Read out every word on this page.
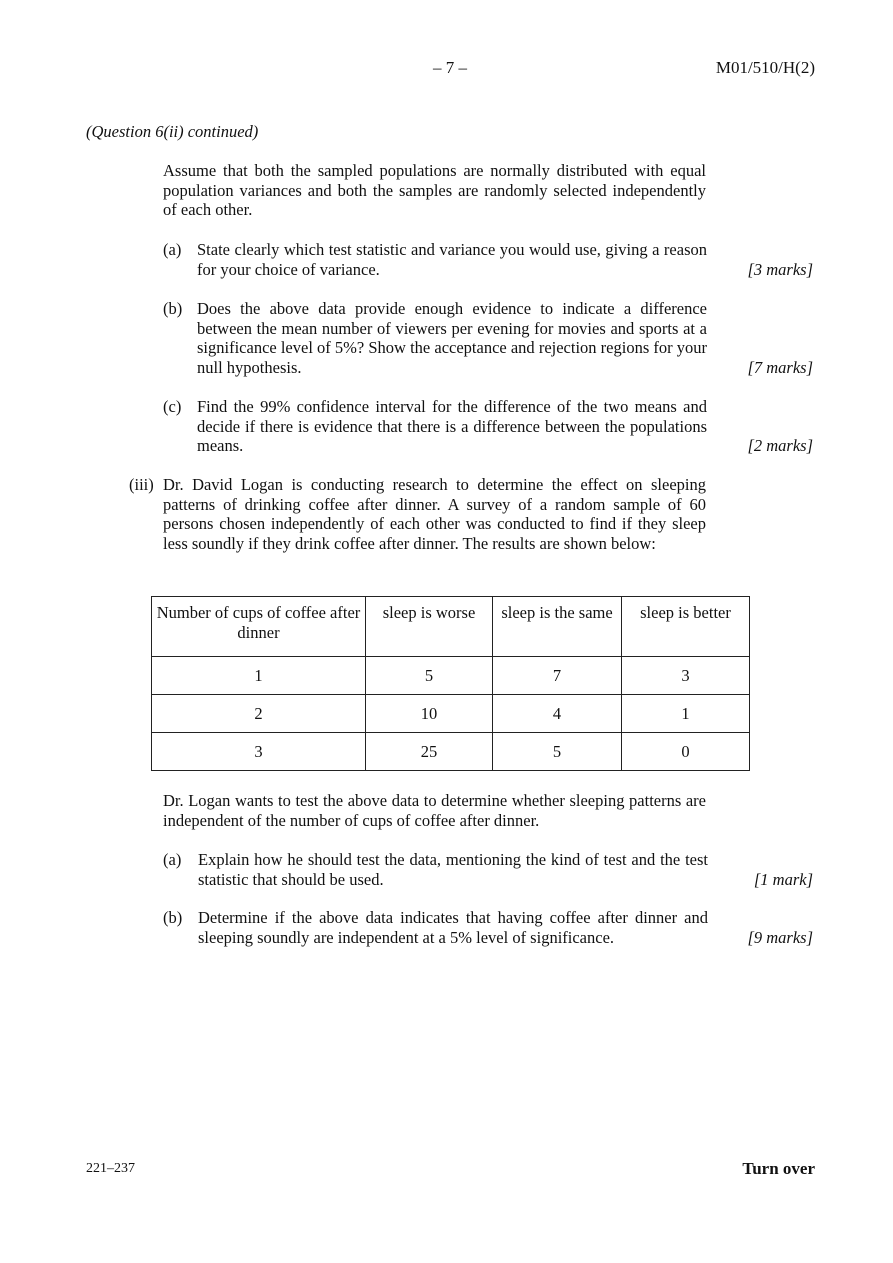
– 7 –	M01/510/H(2)
(Question 6(ii) continued)
Assume that both the sampled populations are normally distributed with equal population variances and both the samples are randomly selected independently of each other.
(a) State clearly which test statistic and variance you would use, giving a reason for your choice of variance.	[3 marks]
(b) Does the above data provide enough evidence to indicate a difference between the mean number of viewers per evening for movies and sports at a significance level of 5%? Show the acceptance and rejection regions for your null hypothesis.	[7 marks]
(c) Find the 99% confidence interval for the difference of the two means and decide if there is evidence that there is a difference between the populations means.	[2 marks]
(iii) Dr. David Logan is conducting research to determine the effect on sleeping patterns of drinking coffee after dinner. A survey of a random sample of 60 persons chosen independently of each other was conducted to find if they sleep less soundly if they drink coffee after dinner. The results are shown below:
Number of cups of coffee after dinner	sleep is worse	sleep is the same	sleep is better
1	5	7	3
2	10	4	1
3	25	5	0
Dr. Logan wants to test the above data to determine whether sleeping patterns are independent of the number of cups of coffee after dinner.
(a) Explain how he should test the data, mentioning the kind of test and the test statistic that should be used.	[1 mark]
(b) Determine if the above data indicates that having coffee after dinner and sleeping soundly are independent at a 5% level of significance.	[9 marks]
221–237	Turn over
